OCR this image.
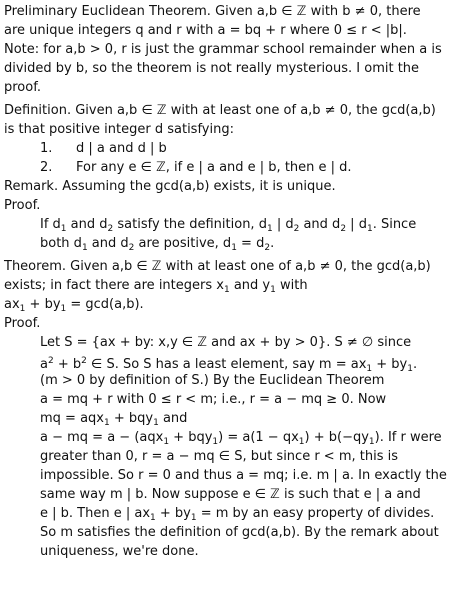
Preliminary Euclidean Theorem. Given a,b ∈ ℤ with b ≠ 0, there
are unique integers q and r with a = bq + r where 0 ≤ r < |b|.
Note: for a,b > 0, r is just the grammar school remainder when a is
divided by b, so the theorem is not really mysterious. I omit the
proof.
Definition. Given a,b ∈ ℤ with at least one of a,b ≠ 0, the gcd(a,b)
is that positive integer d satisfying:
1. d | a and d | b
2. For any e ∈ ℤ, if e | a and e | b, then e | d.
Remark. Assuming the gcd(a,b) exists, it is unique.
Proof.
If $d_1$ and $d_2$ satisfy the definition, $d_1$ | $d_2$ and $d_2$ | $d_1$. Since
both $d_1$ and $d_2$ are positive, $d_1 = d_2$.
Theorem. Given a,b ∈ ℤ with at least one of a,b ≠ 0, the gcd(a,b)
exists; in fact there are integers $x_1$ and $y_1$ with
$ax_1 + by_1 = \gcd(a,b)$.
Proof.
Let S = {ax + by: x,y ∈ ℤ and ax + by > 0}. S ≠ ∅ since
$a^2 + b^2$ ∈ S. So S has a least element, say $m = ax_1 + by_1$.
(m > 0 by definition of S.) By the Euclidean Theorem
a = mq + r with 0 ≤ r < m; i.e., r = a − mq ≥ 0. Now
mq = aqx$_1$ + bqy$_1$ and
a − mq = $a - (aqx_1 + bqy_1) = a(1 - qx_1) + b(-qy_1)$. If r were
greater than 0, r = a − mq ∈ S, but since r < m, this is
impossible. So r = 0 and thus a = mq; i.e. m | a. In exactly the
same way m | b. Now suppose e ∈ ℤ is such that e | a and
e | b. Then e | $ax_1 + by_1 = m$ by an easy property of divides.
So m satisfies the definition of gcd(a,b). By the remark about
uniqueness, we're done.
